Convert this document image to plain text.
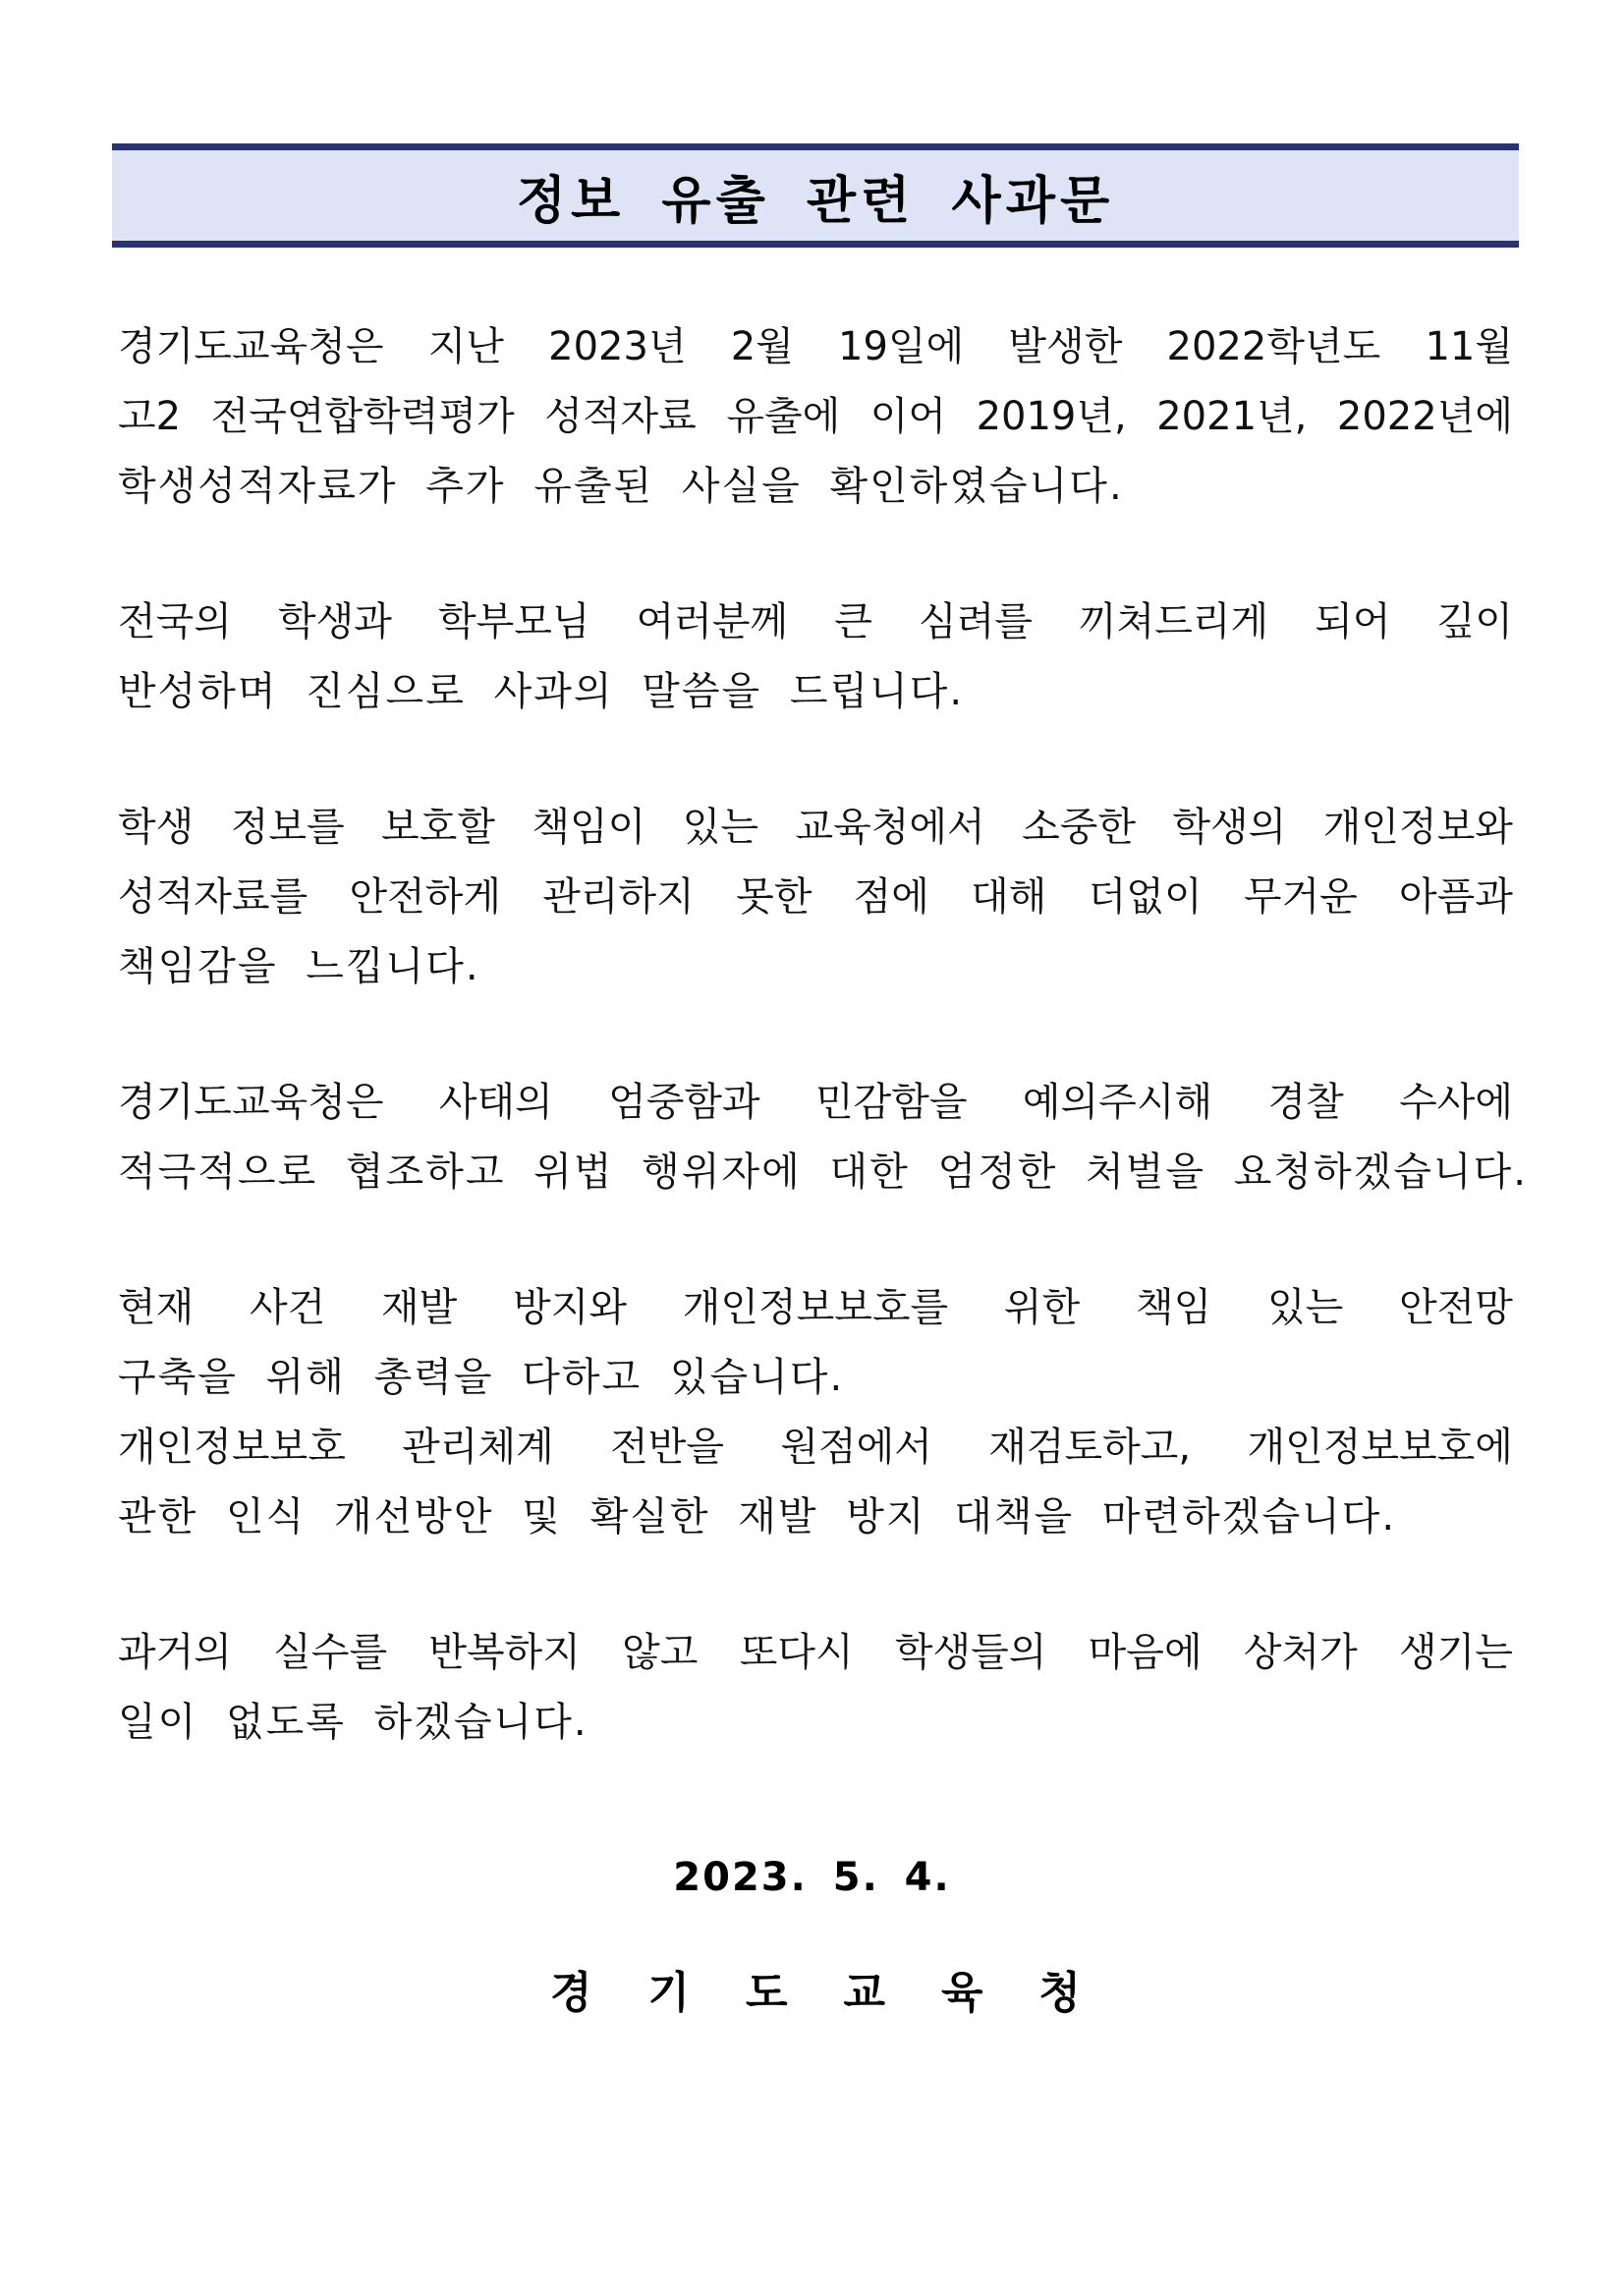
정보 유출 관련 사과문
경기도교육청은 지난 2023년 2월 19일에 발생한 2022학년도 11월
고2 전국연합학력평가 성적자료 유출에 이어 2019년, 2021년, 2022년에
학생성적자료가 추가 유출된 사실을 확인하였습니다.
전국의 학생과 학부모님 여러분께 큰 심려를 끼쳐드리게 되어 깊이
반성하며 진심으로 사과의 말씀을 드립니다.
학생 정보를 보호할 책임이 있는 교육청에서 소중한 학생의 개인정보와
성적자료를 안전하게 관리하지 못한 점에 대해 더없이 무거운 아픔과
책임감을 느낍니다.
경기도교육청은 사태의 엄중함과 민감함을 예의주시해 경찰 수사에
적극적으로 협조하고 위법 행위자에 대한 엄정한 처벌을 요청하겠습니다.
현재 사건 재발 방지와 개인정보보호를 위한 책임 있는 안전망
구축을 위해 총력을 다하고 있습니다.
개인정보보호 관리체계 전반을 원점에서 재검토하고, 개인정보보호에
관한 인식 개선방안 및 확실한 재발 방지 대책을 마련하겠습니다.
과거의 실수를 반복하지 않고 또다시 학생들의 마음에 상처가 생기는
일이 없도록 하겠습니다.
2023. 5. 4.
경 기 도 교 육 청
